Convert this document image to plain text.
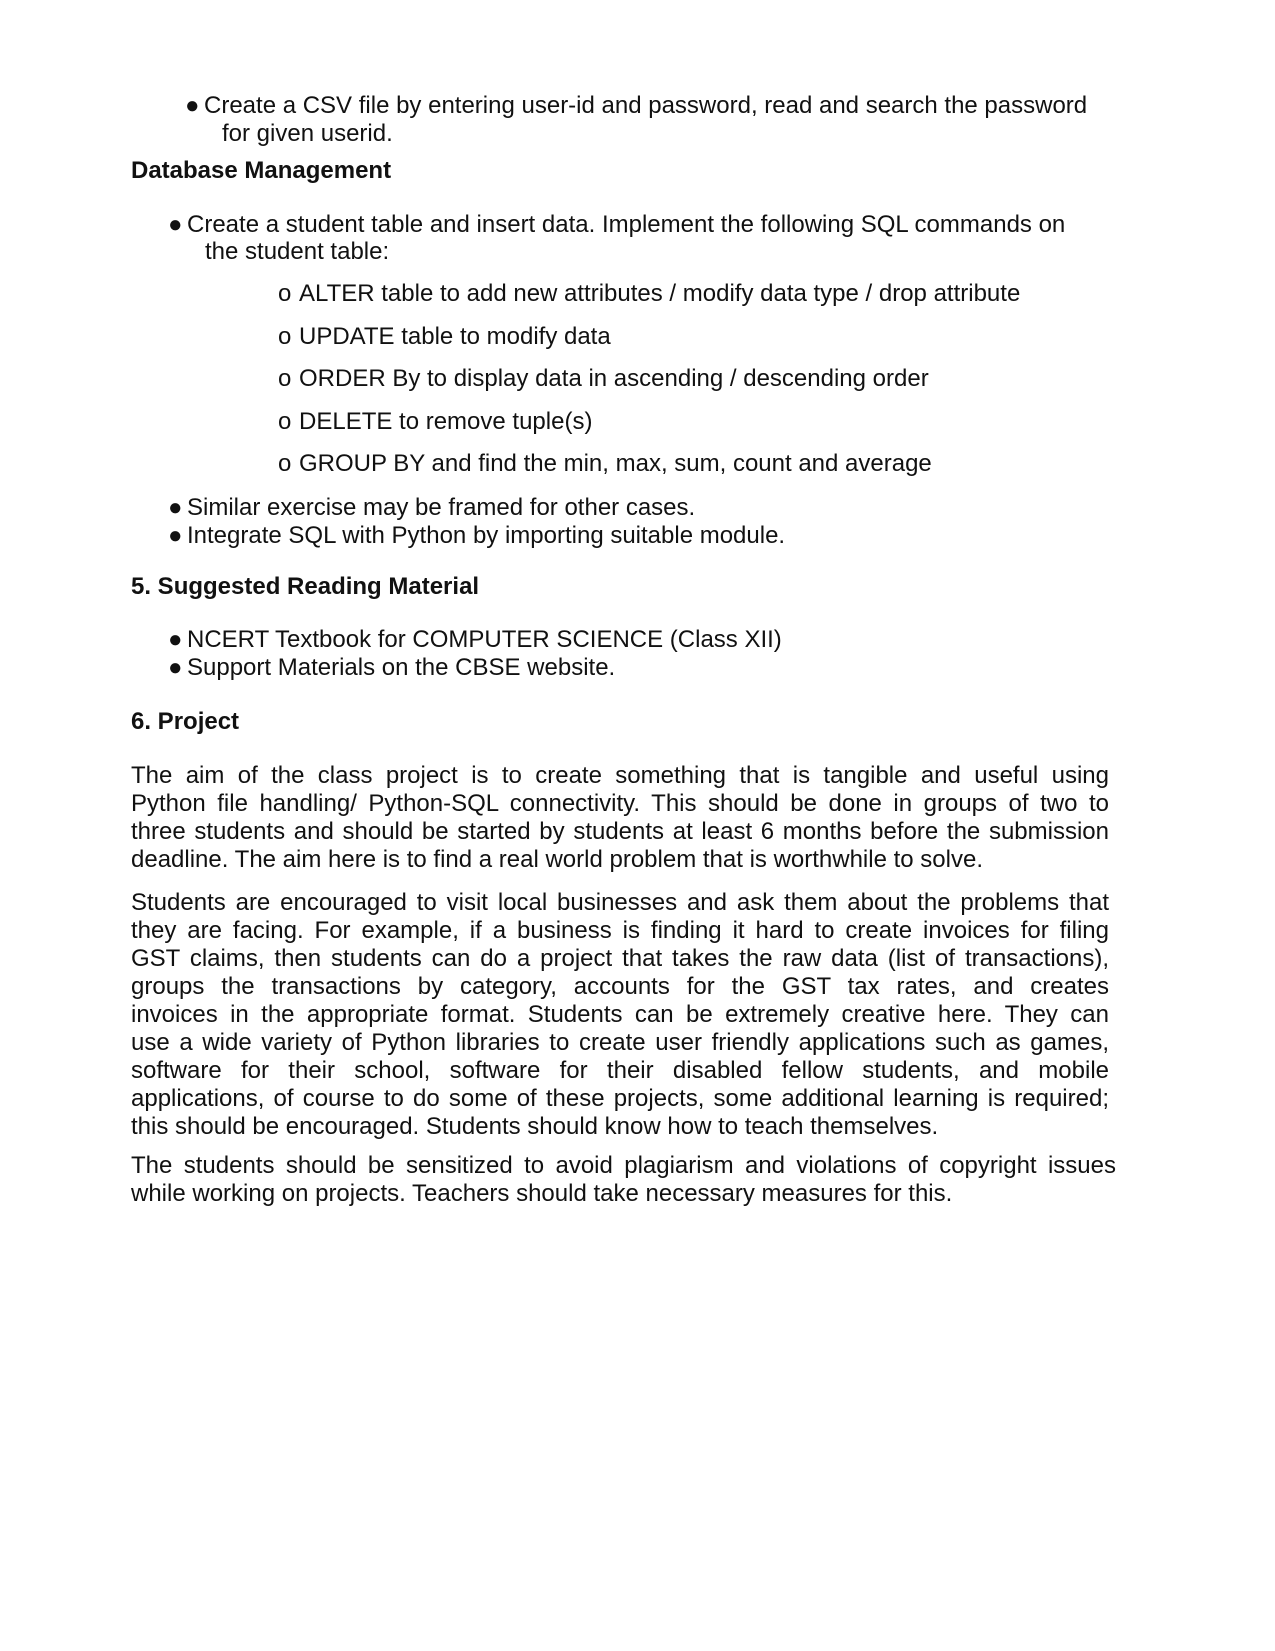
● Create a CSV file by entering user-id and password, read and search the password
for given userid.
Database Management
● Create a student table and insert data. Implement the following SQL commands on
the student table:
o ALTER table to add new attributes / modify data type / drop attribute
o UPDATE table to modify data
o ORDER By to display data in ascending / descending order
o DELETE to remove tuple(s)
o GROUP BY and find the min, max, sum, count and average
● Similar exercise may be framed for other cases.
● Integrate SQL with Python by importing suitable module.
5. Suggested Reading Material
● NCERT Textbook for COMPUTER SCIENCE (Class XII)
● Support Materials on the CBSE website.
6. Project
The aim of the class project is to create something that is tangible and useful using
Python file handling/ Python-SQL connectivity. This should be done in groups of two to
three students and should be started by students at least 6 months before the submission
deadline. The aim here is to find a real world problem that is worthwhile to solve.
Students are encouraged to visit local businesses and ask them about the problems that
they are facing. For example, if a business is finding it hard to create invoices for filing
GST claims, then students can do a project that takes the raw data (list of transactions),
groups the transactions by category, accounts for the GST tax rates, and creates
invoices in the appropriate format. Students can be extremely creative here. They can
use a wide variety of Python libraries to create user friendly applications such as games,
software for their school, software for their disabled fellow students, and mobile
applications, of course to do some of these projects, some additional learning is required;
this should be encouraged. Students should know how to teach themselves.
The students should be sensitized to avoid plagiarism and violations of copyright issues
while working on projects. Teachers should take necessary measures for this.
